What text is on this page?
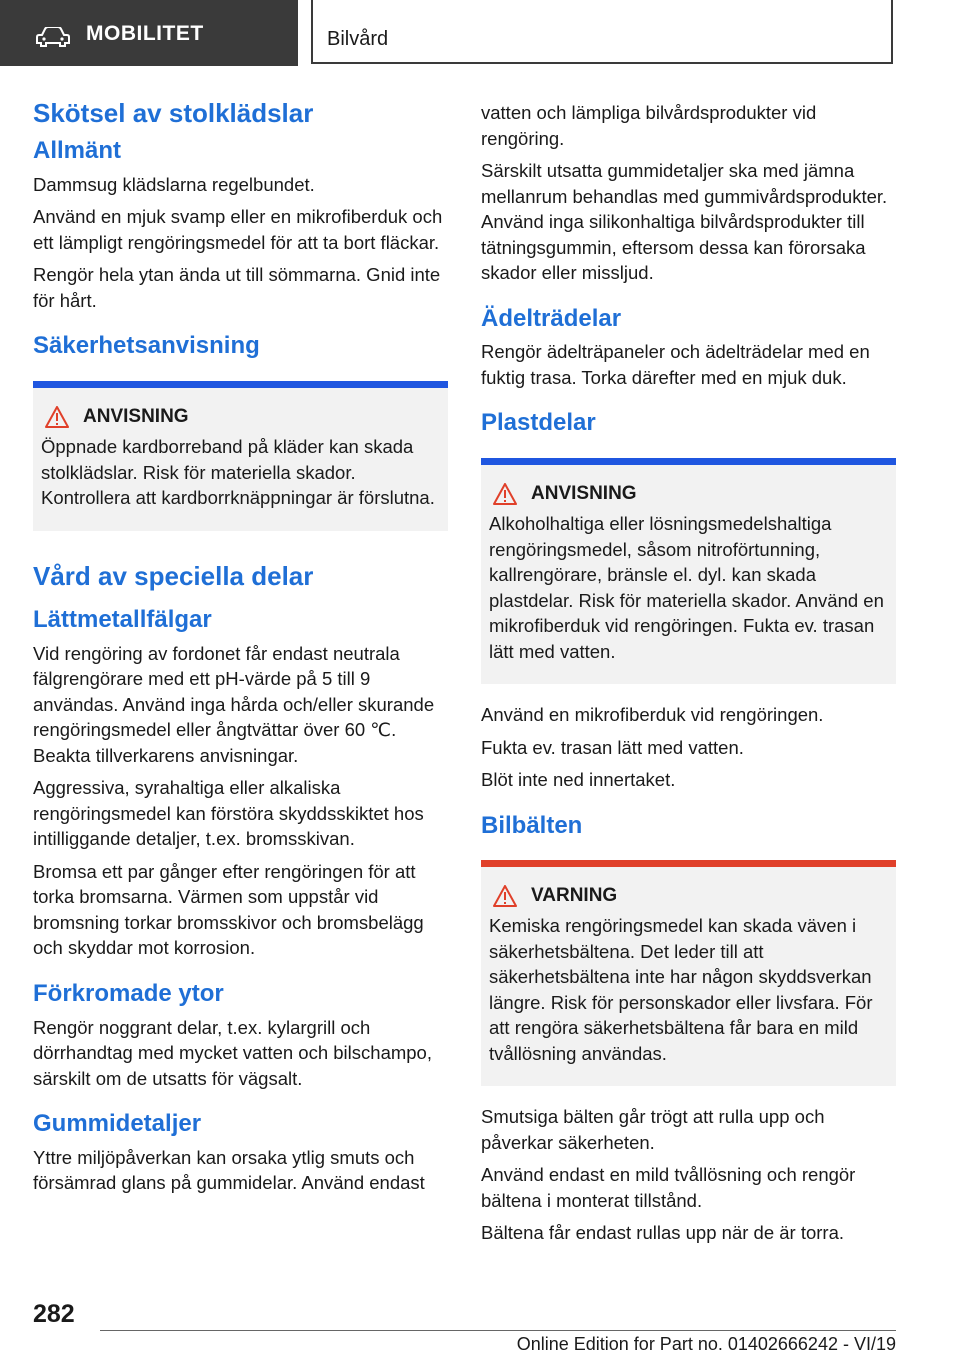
MOBILITET	Bilvård
Skötsel av stolklädslar
Allmänt

Dammsug klädslarna regelbundet.

Använd en mjuk svamp eller en mikrofiberduk och ett lämpligt rengöringsmedel för att ta bort fläckar.

Rengör hela ytan ända ut till sömmarna. Gnid inte för hårt.

Säkerhetsanvisning
ANVISNING

Öppnade kardborreband på kläder kan skada stolklädslar. Risk för materiella skador. Kontrollera att kardborrknäppningar är förslutna.

Vård av speciella delar
Lättmetallfälgar

Vid rengöring av fordonet får endast neutrala fälgrengörare med ett pH-värde på 5 till 9 användas. Använd inga hårda och/eller skurande rengöringsmedel eller ångtvättar över 60 ℃. Beakta tillverkarens anvisningar.

Aggressiva, syrahaltiga eller alkaliska rengöringsmedel kan förstöra skyddsskiktet hos intilliggande detaljer, t.ex. bromsskivan.

Bromsa ett par gånger efter rengöringen för att torka bromsarna. Värmen som uppstår vid bromsning torkar bromsskivor och bromsbelägg och skyddar mot korrosion.

Förkromade ytor

Rengör noggrant delar, t.ex. kylargrill och dörrhandtag med mycket vatten och bilschampo, särskilt om de utsatts för vägsalt.

Gummidetaljer

Yttre miljöpåverkan kan orsaka ytlig smuts och försämrad glans på gummidelar. Använd endast

vatten och lämpliga bilvårdsprodukter vid rengöring.

Särskilt utsatta gummidetaljer ska med jämna mellanrum behandlas med gummivårdsprodukter. Använd inga silikonhaltiga bilvårdsprodukter till tätningsgummin, eftersom dessa kan förorsaka skador eller missljud.

Ädelträdelar

Rengör ädelträpaneler och ädelträdelar med en fuktig trasa. Torka därefter med en mjuk duk.

Plastdelar
ANVISNING

Alkoholhaltiga eller lösningsmedelshaltiga rengöringsmedel, såsom nitroförtunning, kallrengörare, bränsle el. dyl. kan skada plastdelar. Risk för materiella skador. Använd en mikrofiberduk vid rengöringen. Fukta ev. trasan lätt med vatten.

Använd en mikrofiberduk vid rengöringen.

Fukta ev. trasan lätt med vatten.

Blöt inte ned innertaket.

Bilbälten
VARNING

Kemiska rengöringsmedel kan skada väven i säkerhetsbältena. Det leder till att säkerhetsbältena inte har någon skyddsverkan längre. Risk för personskador eller livsfara. För att rengöra säkerhetsbältena får bara en mild tvållösning användas.

Smutsiga bälten går trögt att rulla upp och påverkar säkerheten.

Använd endast en mild tvållösning och rengör bältena i monterat tillstånd.

Bältena får endast rullas upp när de är torra.

282
Online Edition for Part no. 01402666242 - VI/19
